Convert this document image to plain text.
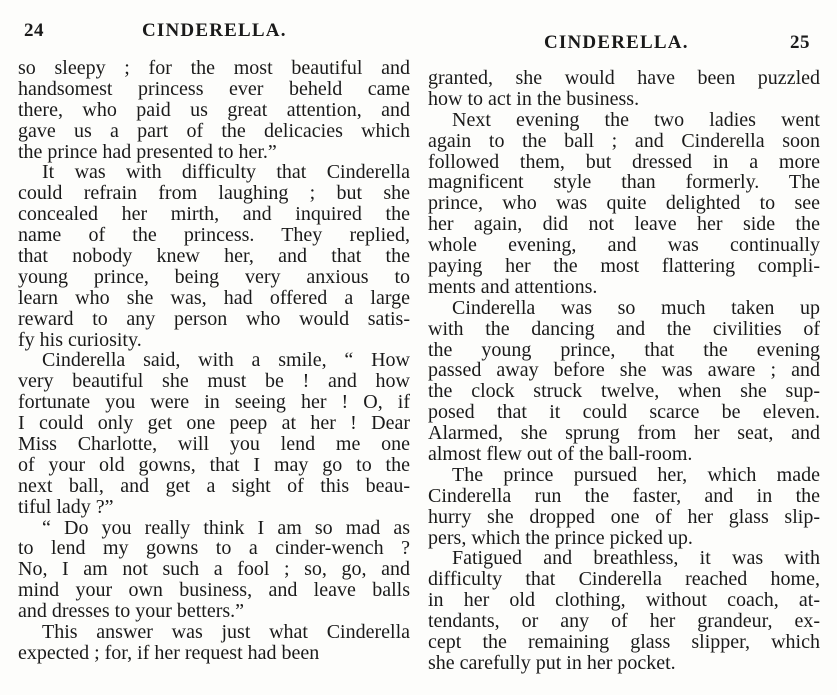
24	CINDERELLA.
so sleepy ; for the most beautiful and
handsomest princess ever beheld came
there, who paid us great attention, and
gave us a part of the delicacies which
the prince had presented to her.”
It was with difficulty that Cinderella
could refrain from laughing ; but she
concealed her mirth, and inquired the
name of the princess. They replied,
that nobody knew her, and that the
young prince, being very anxious to
learn who she was, had offered a large
reward to any person who would satis-
fy his curiosity.
Cinderella said, with a smile, “ How
very beautiful she must be ! and how
fortunate you were in seeing her ! O, if
I could only get one peep at her ! Dear
Miss Charlotte, will you lend me one
of your old gowns, that I may go to the
next ball, and get a sight of this beau-
tiful lady ?”
“ Do you really think I am so mad as
to lend my gowns to a cinder-wench ?
No, I am not such a fool ; so, go, and
mind your own business, and leave balls
and dresses to your betters.”
This answer was just what Cinderella
expected ; for, if her request had been
CINDERELLA.	25
granted, she would have been puzzled
how to act in the business.
Next evening the two ladies went
again to the ball ; and Cinderella soon
followed them, but dressed in a more
magnificent style than formerly. The
prince, who was quite delighted to see
her again, did not leave her side the
whole evening, and was continually
paying her the most flattering compli-
ments and attentions.
Cinderella was so much taken up
with the dancing and the civilities of
the young prince, that the evening
passed away before she was aware ; and
the clock struck twelve, when she sup-
posed that it could scarce be eleven.
Alarmed, she sprung from her seat, and
almost flew out of the ball-room.
The prince pursued her, which made
Cinderella run the faster, and in the
hurry she dropped one of her glass slip-
pers, which the prince picked up.
Fatigued and breathless, it was with
difficulty that Cinderella reached home,
in her old clothing, without coach, at-
tendants, or any of her grandeur, ex-
cept the remaining glass slipper, which
she carefully put in her pocket.
